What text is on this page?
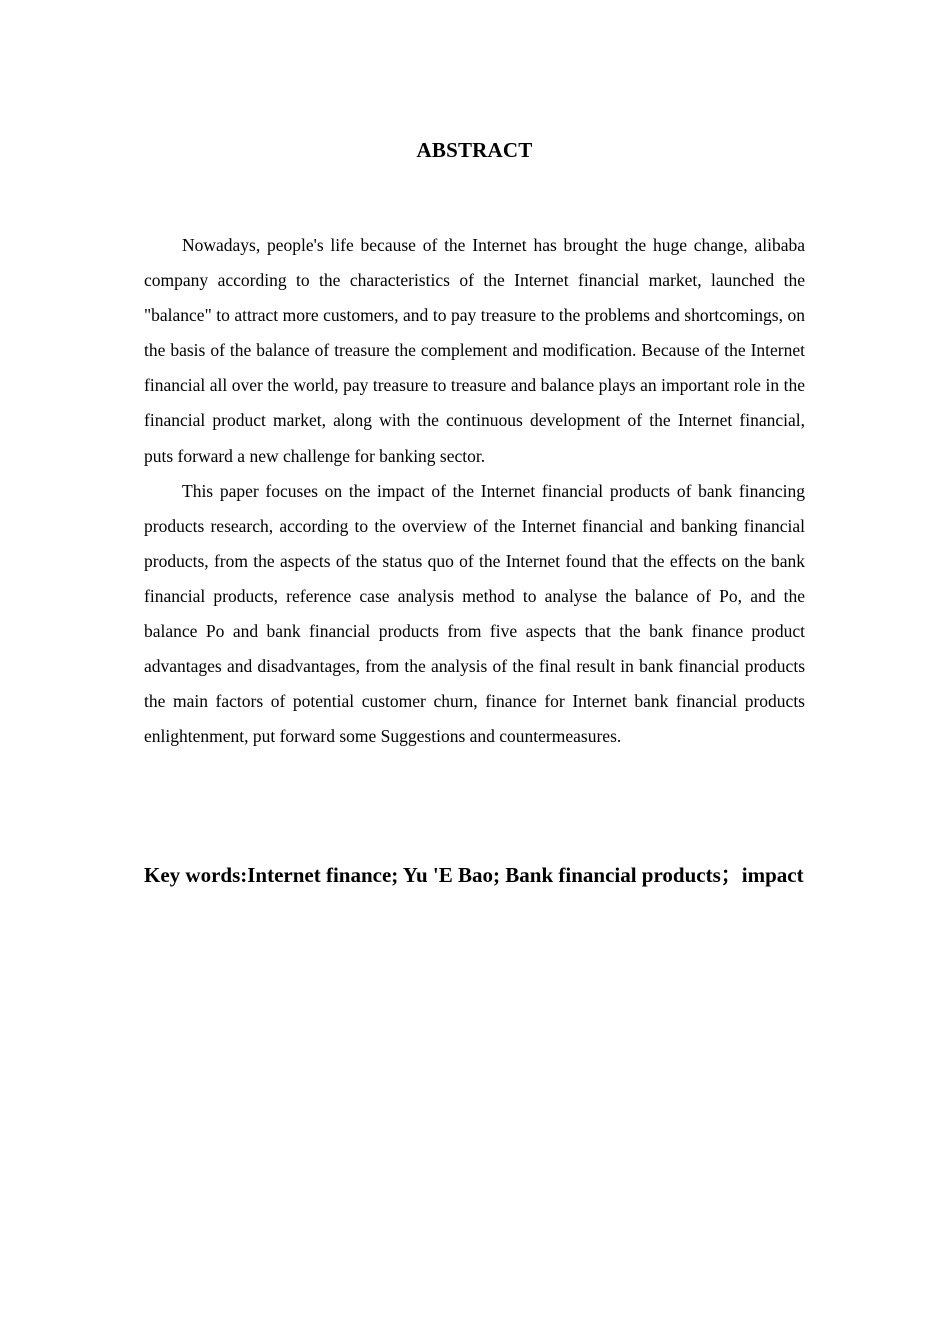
ABSTRACT

Nowadays, people's life because of the Internet has brought the huge change, alibaba company according to the characteristics of the Internet financial market, launched the "balance" to attract more customers, and to pay treasure to the problems and shortcomings, on the basis of the balance of treasure the complement and modification. Because of the Internet financial all over the world, pay treasure to treasure and balance plays an important role in the financial product market, along with the continuous development of the Internet financial, puts forward a new challenge for banking sector.

This paper focuses on the impact of the Internet financial products of bank financing products research, according to the overview of the Internet financial and banking financial products, from the aspects of the status quo of the Internet found that the effects on the bank financial products, reference case analysis method to analyse the balance of Po, and the balance Po and bank financial products from five aspects that the bank finance product advantages and disadvantages, from the analysis of the final result in bank financial products the main factors of potential customer churn, finance for Internet bank financial products enlightenment, put forward some Suggestions and countermeasures.

Key words:Internet finance; Yu 'E Bao; Bank financial products；impact
